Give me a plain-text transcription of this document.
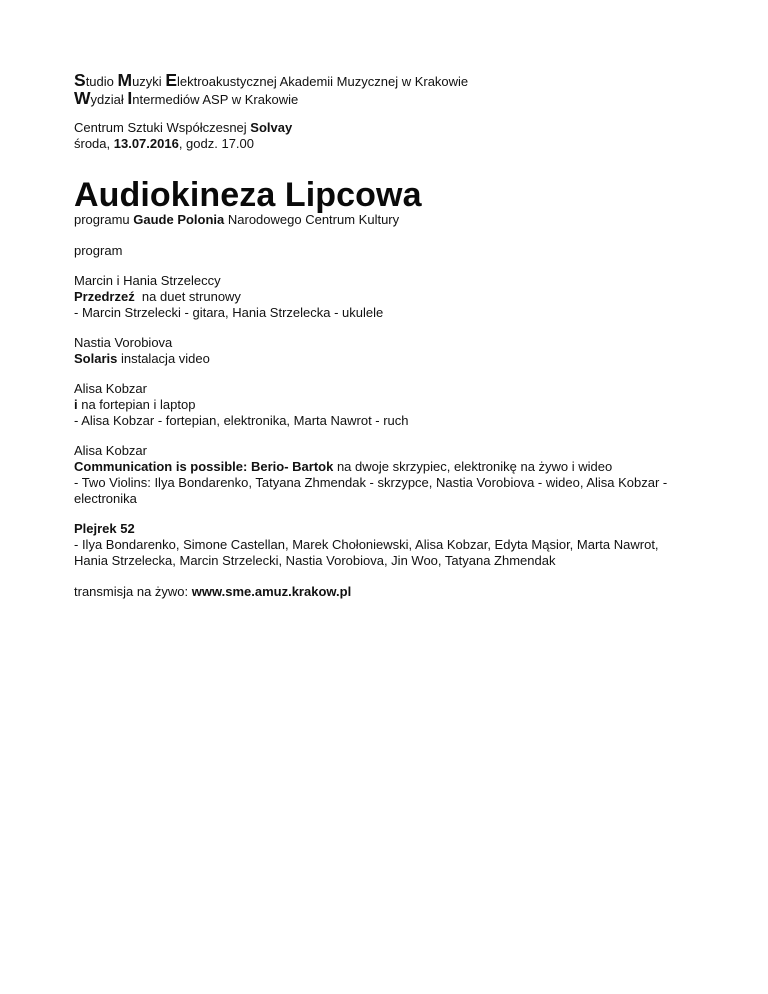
Studio Muzyki Elektroakustycznej Akademii Muzycznej w Krakowie
Wydział Intermediów ASP w Krakowie
Centrum Sztuki Współczesnej Solvay
środa, 13.07.2016, godz. 17.00
Audiokineza Lipcowa
programu Gaude Polonia Narodowego Centrum Kultury
program

Marcin i Hania Strzeleccy

Przedrzeź  na duet strunowy

- Marcin Strzelecki - gitara, Hania Strzelecka - ukulele

Nastia Vorobiova

Solaris instalacja video

Alisa Kobzar

i na fortepian i laptop

- Alisa Kobzar - fortepian, elektronika, Marta Nawrot - ruch

Alisa Kobzar

Communication is possible: Berio- Bartok na dwoje skrzypiec, elektronikę na żywo i wideo

- Two Violins: Ilya Bondarenko, Tatyana Zhmendak - skrzypce, Nastia Vorobiova - wideo, Alisa Kobzar - electronika

Plejrek 52

- Ilya Bondarenko, Simone Castellan, Marek Chołoniewski, Alisa Kobzar, Edyta Mąsior, Marta Nawrot, Hania Strzelecka, Marcin Strzelecki, Nastia Vorobiova, Jin Woo, Tatyana Zhmendak

transmisja na żywo: www.sme.amuz.krakow.pl
